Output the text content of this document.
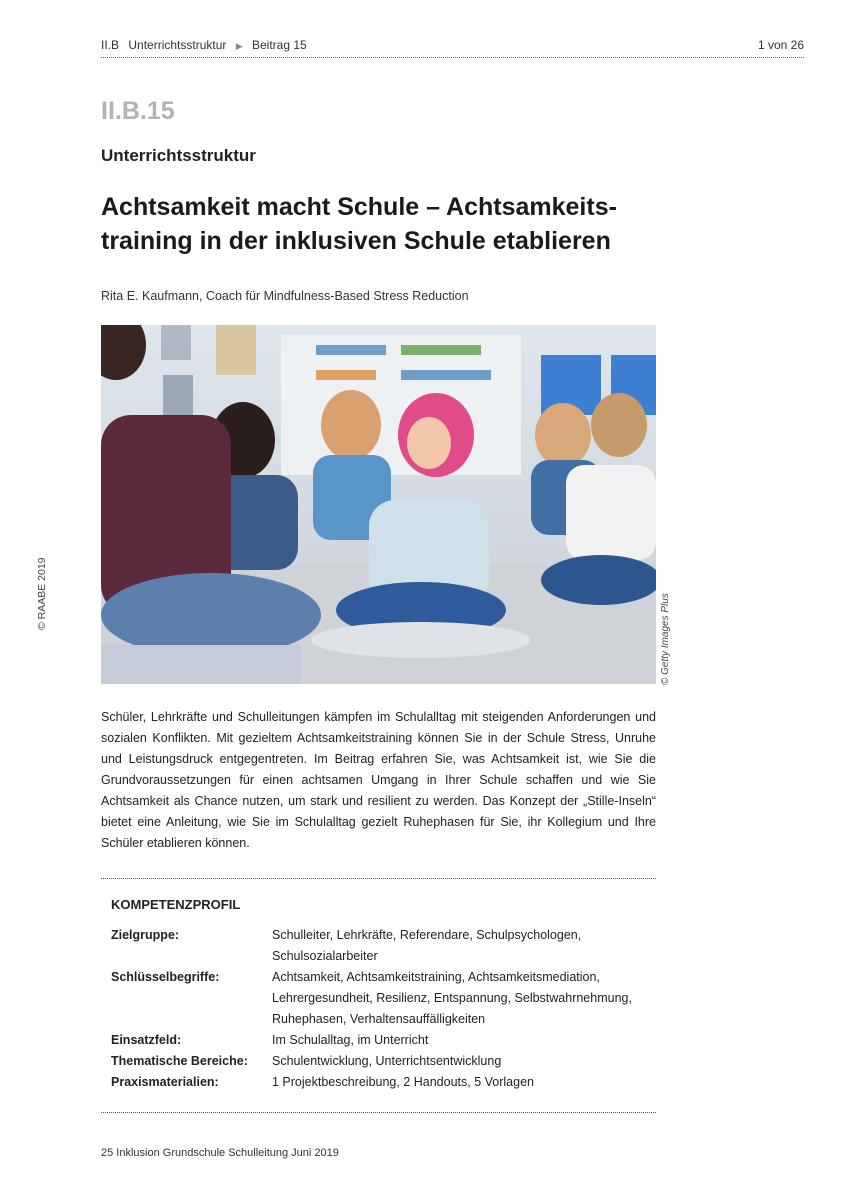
II.B Unterrichtsstruktur ▶ Beitrag 15	1 von 26
II.B.15
Unterrichtsstruktur
Achtsamkeit macht Schule – Achtsamkeits-
training in der inklusiven Schule etablieren
Rita E. Kaufmann, Coach für Mindfulness-Based Stress Reduction
© Getty Images Plus
© RAABE 2019
Schüler, Lehrkräfte und Schulleitungen kämpfen im Schulalltag mit steigenden Anforderungen und sozialen Konflikten. Mit gezieltem Achtsamkeitstraining können Sie in der Schule Stress, Unruhe und Leistungsdruck entgegentreten. Im Beitrag erfahren Sie, was Achtsamkeit ist, wie Sie die Grundvoraussetzungen für einen achtsamen Umgang in Ihrer Schule schaffen und wie Sie Achtsamkeit als Chance nutzen, um stark und resilient zu werden. Das Konzept der „Stille-Inseln“ bietet eine Anleitung, wie Sie im Schulalltag gezielt Ruhephasen für Sie, ihr Kollegium und Ihre Schüler etablieren können.
KOMPETENZPROFIL
Zielgruppe:	Schulleiter, Lehrkräfte, Referendare, Schulpsychologen, Schulsozialarbeiter
Schlüsselbegriffe:	Achtsamkeit, Achtsamkeitstraining, Achtsamkeitsmediation, Lehrergesundheit, Resilienz, Entspannung, Selbstwahrnehmung, Ruhephasen, Verhaltensauffälligkeiten
Einsatzfeld:	Im Schulalltag, im Unterricht
Thematische Bereiche:	Schulentwicklung, Unterrichtsentwicklung
Praxismaterialien:	1 Projektbeschreibung, 2 Handouts, 5 Vorlagen
25 Inklusion Grundschule Schulleitung Juni 2019
